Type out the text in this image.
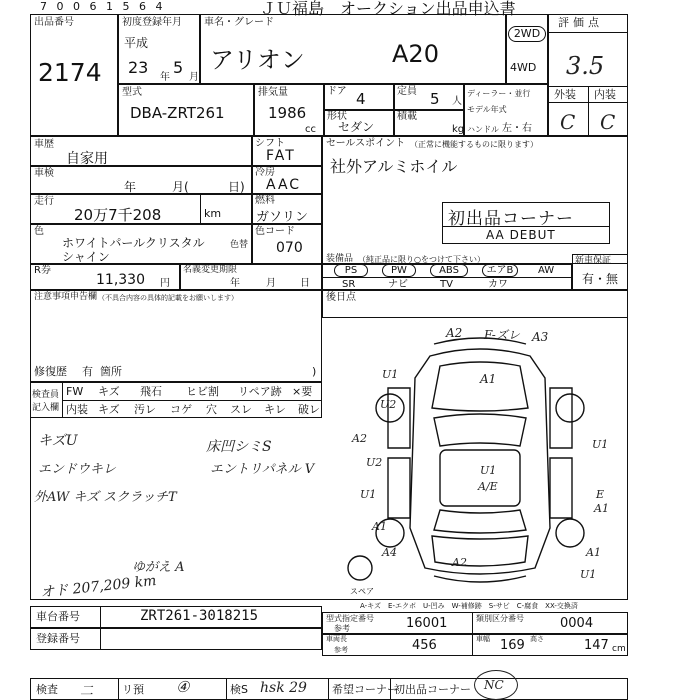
7 0 0 6 1 5 6 4	ＪＵ福島　オークション出品申込書
出品番号
2174
初度登録年月
平成
23
年
5
月
車名・グレード
アリオン	A20
2WD
4WD
評価点
3.5
外装 内装
C C
型式
DBA-ZRT261
排気量
1986
cc
ドア 4	定員 5 人
形状
セダン
積載
kg
ディーラー・並行
モデル年式
ハンドル 左・右
車歴
自家用
シフト
FAT
車検
年	月(	日)
冷房
AAC
走行
20万7千208	km
燃料
ガソリン
色
ホワイトパールクリスタル
シャイン
色替
色コード
070
セールスポイント （正常に機能するものに限ります）
社外アルミホイル
初出品コーナー
AA DEBUT
R券
11,330 円
名義変更期限
年	月 日
装備品 （純正品に限り○をつけて下さい）
PS	PW	ABS	エアB	AW
SR	ナビ	TV	カワ
新車保証
有・無
注意事項申告欄 （不具合内容の具体的記載をお願いします）
修復歴 有 箇所	)
後日点
検査員
記入欄
FW キズ 飛石 ヒビ割 リペア跡 ×要
内装 キズ 汚レ コゲ 穴 スレ キレ 破レ
キズU
エンドウキレ
外AW キズ スクラッチT
ゆがえ A
オド 207,209 km
床凹シミS
エントリパネル V
スペア
A-キズ　E-エクボ　U-凹み　W-補修跡　S-サビ　C-腐食　XX-交換済
A2 F-ズレ A3
U1	A1
U2
A2	U1
U2
U1
A/E
U1	E
A1
A1
A4	A1
A2
U1
車台番号	ZRT261-3018215
登録番号
型式指定番号
参考	16001	類別区分番号	0004
車両長
参考	456	車幅 169 高さ	147 cm
検査 二	リ預 ④	検S hsk 29 希望コーナー
初出品コーナー NC
